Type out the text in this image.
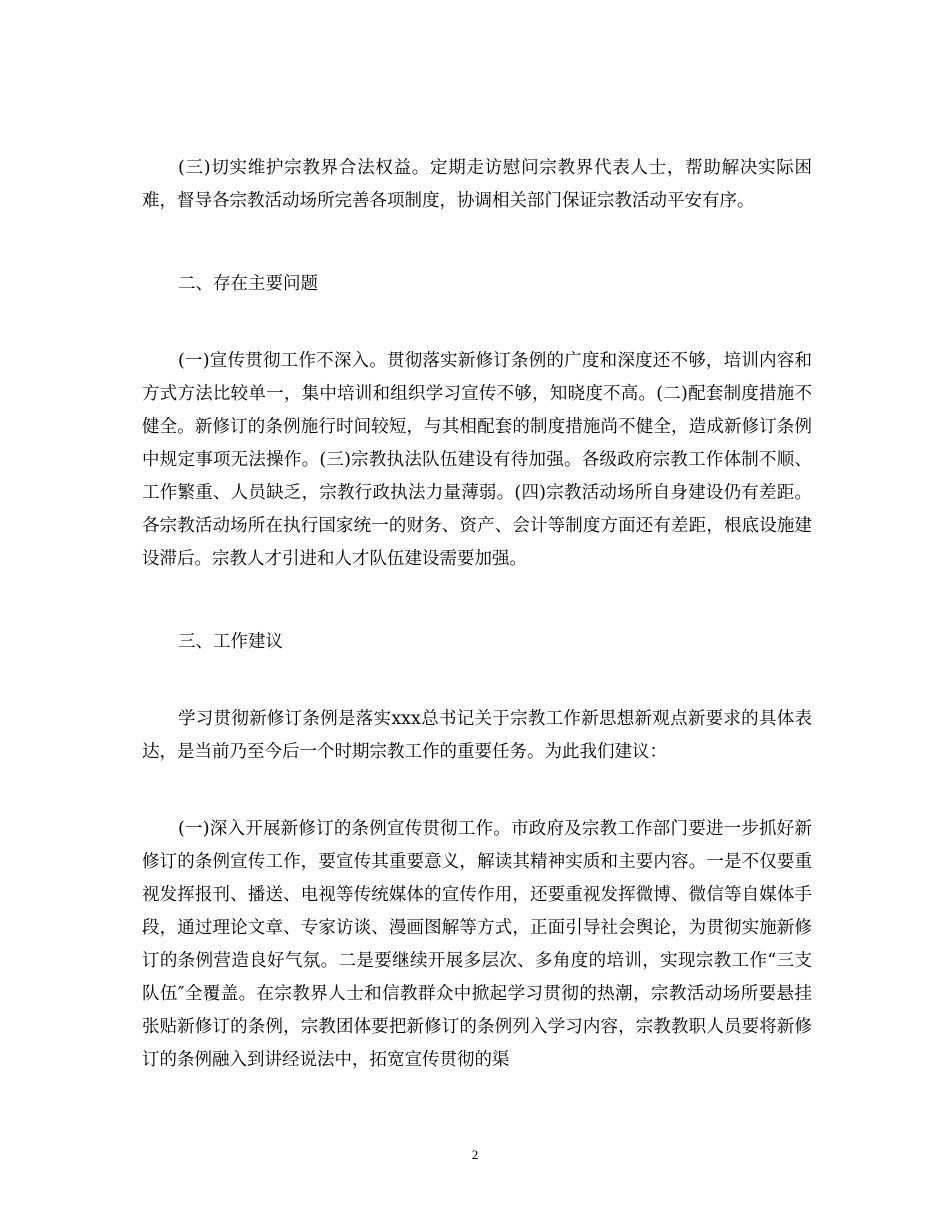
(三)切实维护宗教界合法权益。定期走访慰问宗教界代表人士，帮助解决实际困难，督导各宗教活动场所完善各项制度，协调相关部门保证宗教活动平安有序。

二、存在主要问题

(一)宣传贯彻工作不深入。贯彻落实新修订条例的广度和深度还不够，培训内容和方式方法比较单一，集中培训和组织学习宣传不够，知晓度不高。(二)配套制度措施不健全。新修订的条例施行时间较短，与其相配套的制度措施尚不健全，造成新修订条例中规定事项无法操作。(三)宗教执法队伍建设有待加强。各级政府宗教工作体制不顺、工作繁重、人员缺乏，宗教行政执法力量薄弱。(四)宗教活动场所自身建设仍有差距。各宗教活动场所在执行国家统一的财务、资产、会计等制度方面还有差距，根底设施建设滞后。宗教人才引进和人才队伍建设需要加强。

三、工作建议

学习贯彻新修订条例是落实xxx总书记关于宗教工作新思想新观点新要求的具体表达，是当前乃至今后一个时期宗教工作的重要任务。为此我们建议：

(一)深入开展新修订的条例宣传贯彻工作。市政府及宗教工作部门要进一步抓好新修订的条例宣传工作，要宣传其重要意义，解读其精神实质和主要内容。一是不仅要重视发挥报刊、播送、电视等传统媒体的宣传作用，还要重视发挥微博、微信等自媒体手段，通过理论文章、专家访谈、漫画图解等方式，正面引导社会舆论，为贯彻实施新修订的条例营造良好气氛。二是要继续开展多层次、多角度的培训，实现宗教工作“三支队伍″全覆盖。在宗教界人士和信教群众中掀起学习贯彻的热潮，宗教活动场所要悬挂张贴新修订的条例，宗教团体要把新修订的条例列入学习内容，宗教教职人员要将新修订的条例融入到讲经说法中，拓宽宣传贯彻的渠

2
